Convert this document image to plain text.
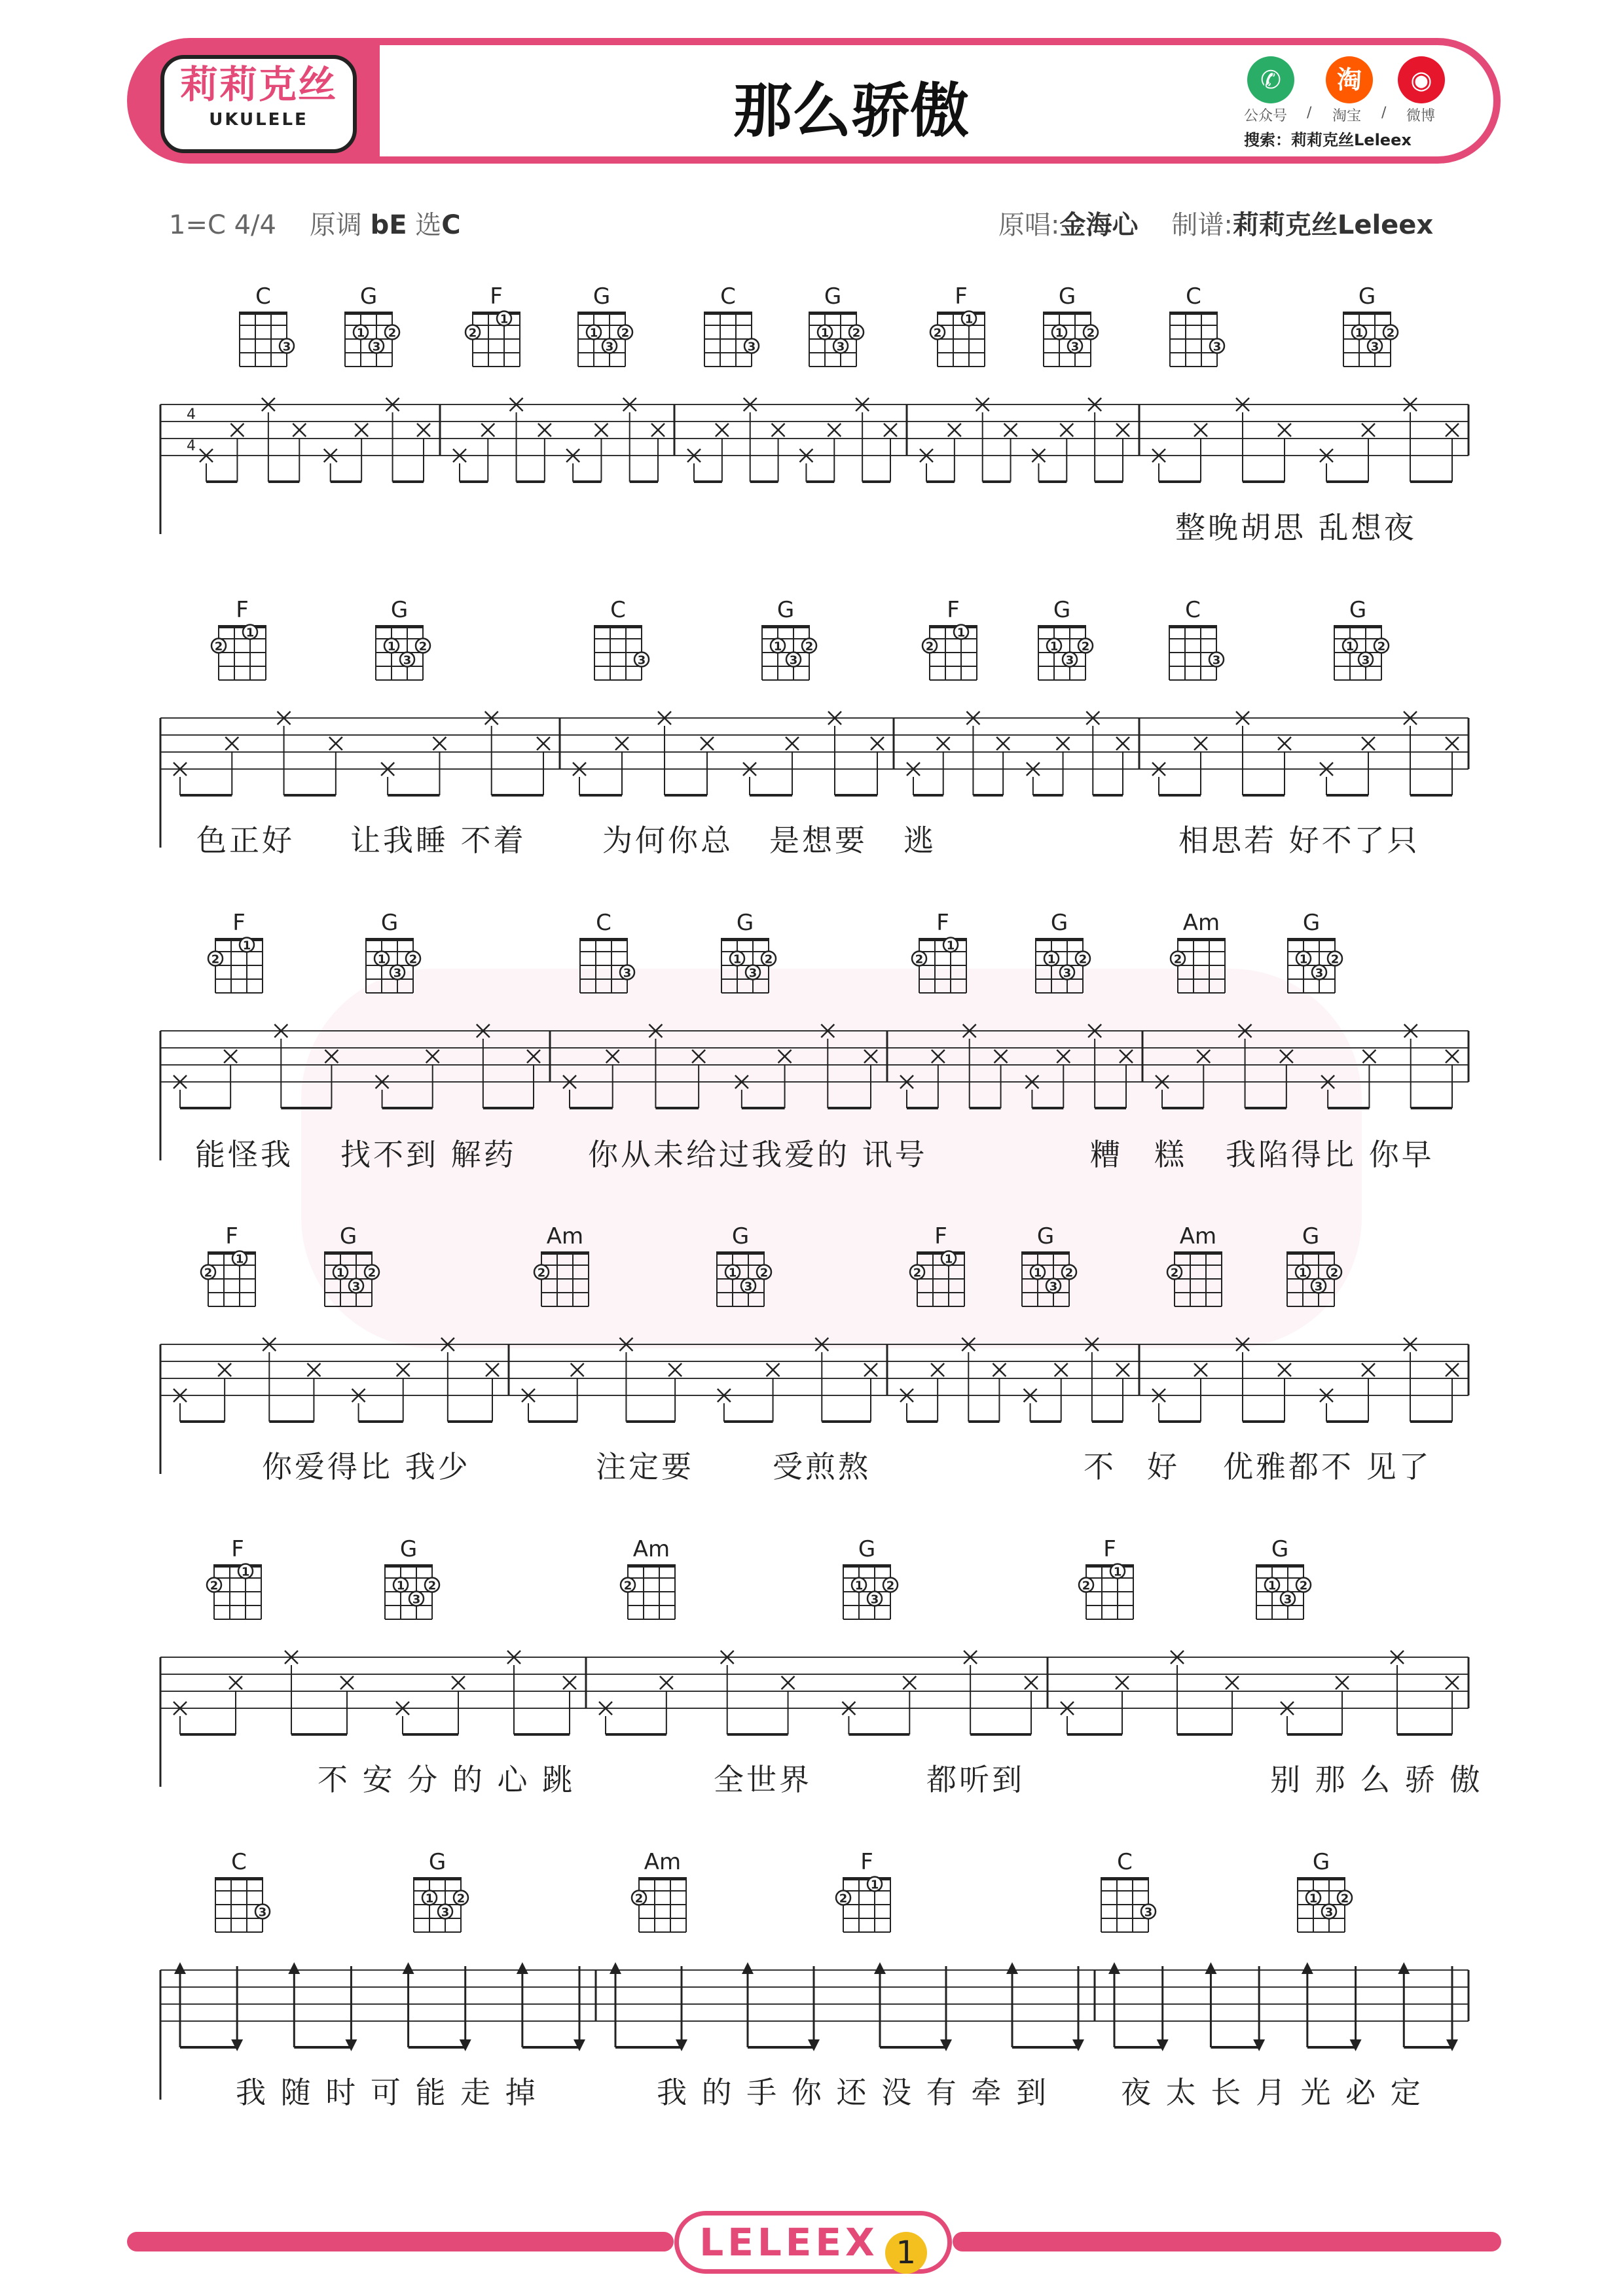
莉莉克丝
UKULELE	那么骄傲	✆	淘	◉
公众号 / 淘宝 / 微博
搜索：莉莉克丝Leleex
1=C 4/4 原调 bE 选C	原唱:金海心 制谱:莉莉克丝Leleex
C
3
G
1
3
2
F
2
1
G
1
3
2
C
3
G
1
3
2
F
2
1
G
1
3
2
C
3
G
1
3
2
4
4
F
2
1
G
1
3
2
C
3
G
1
3
2
F
2
1
G
1
3
2
C
3
G
1
3
2
F
2
1
G
1
3
2
C
3
G
1
3
2
F
2
1
G
1
3
2
Am
2
G
1
3
2
F
2
1
G
1
3
2
Am
2
G
1
3
2
F
2
1
G
1
3
2
Am
2
G
1
3
2
F
2
1
G
1
3
2
Am
2
G
1
3
2
F
2
1
G
1
3
2
C
3
G
1
3
2
Am
2
F
2
1
C
3
G
1
3
2
整晚胡思 乱想夜
色正好 让我睡 不着	为何你总 是想要 逃	相思若 好不了只
能怪我 找不到 解药 你从未给过我爱的 讯号	糟 糕 我陷得比 你早
你爱得比 我少	注定要	受煎熬	不 好 优雅都不 见了
不 安 分 的 心 跳	全世界	都听到	别 那 么 骄 傲
我 随 时 可 能 走 掉	我 的 手 你 还 没 有 牵 到 夜 太 长 月 光 必 定
LELEEX 1
